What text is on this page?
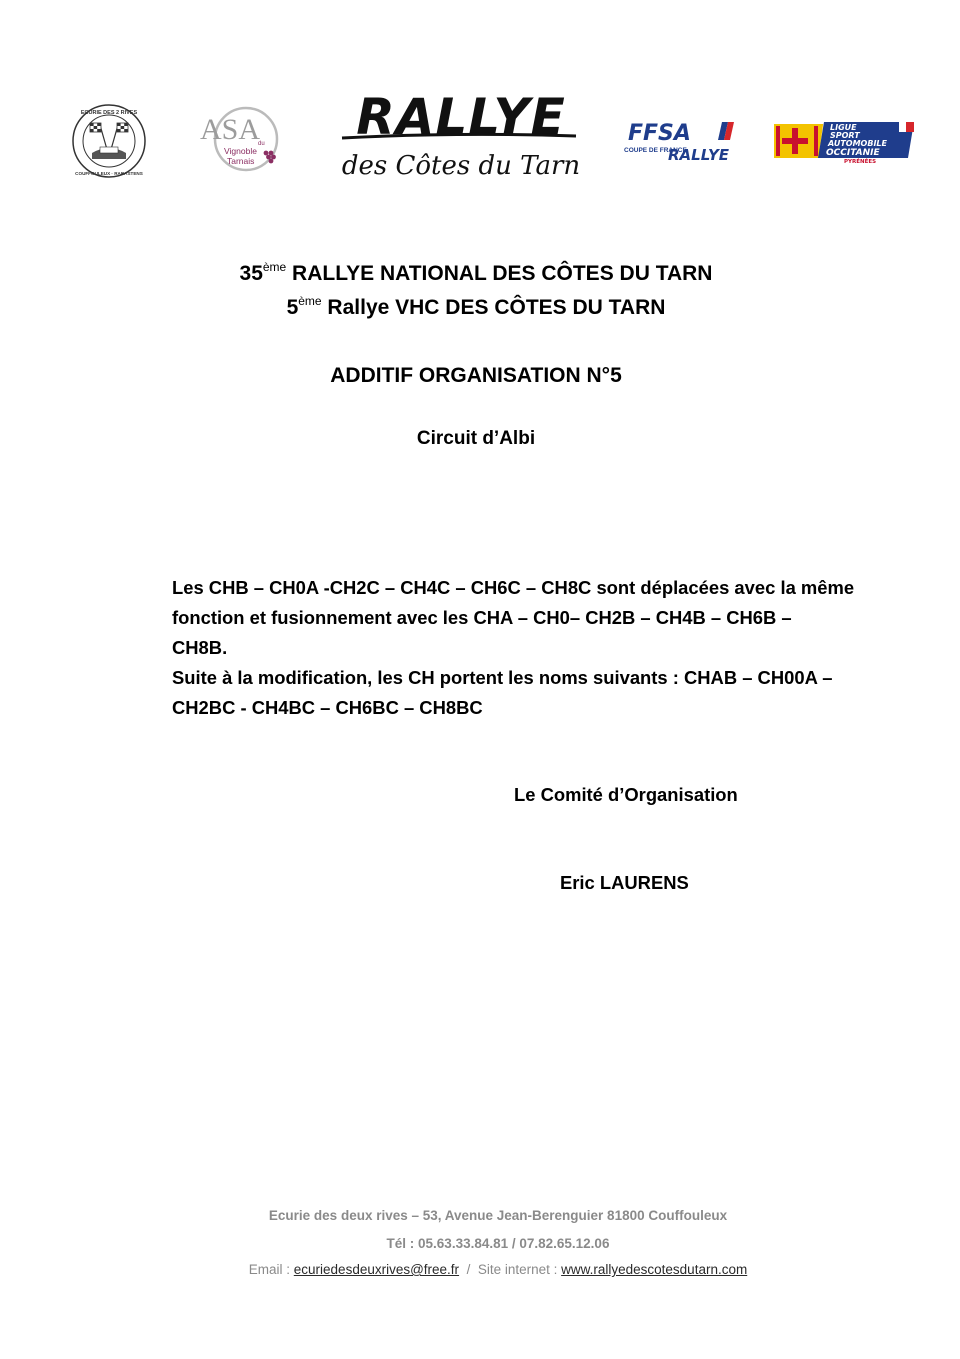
ECURIE DES 2 RIVES
COUFFOULEUX · RABASTENS
ASA
du
Vignoble
Tarnais
RALLYE
des Côtes du Tarn
FFSA
COUPE DE FRANCE
RALLYE
LIGUE
SPORT
AUTOMOBILE
OCCITANIE
PYRÉNÉES
35ème RALLYE NATIONAL DES CÔTES DU TARN
5ème Rallye VHC DES CÔTES DU TARN
ADDITIF ORGANISATION N°5
Circuit d’Albi

Les CHB – CH0A -CH2C – CH4C – CH6C – CH8C sont déplacées avec la même

fonction et fusionnement avec les CHA – CH0– CH2B – CH4B – CH6B –

CH8B.

Suite à la modification, les CH portent les noms suivants : CHAB – CH00A –

CH2BC - CH4BC – CH6BC – CH8BC

Le Comité d’Organisation
Eric LAURENS
Ecurie des deux rives – 53, Avenue Jean-Berenguier 81800 Couffouleux
Tél : 05.63.33.84.81 / 07.82.65.12.06
Email : ecuriedesdeuxrives@free.fr  /  Site internet : www.rallyedescotesdutarn.com
